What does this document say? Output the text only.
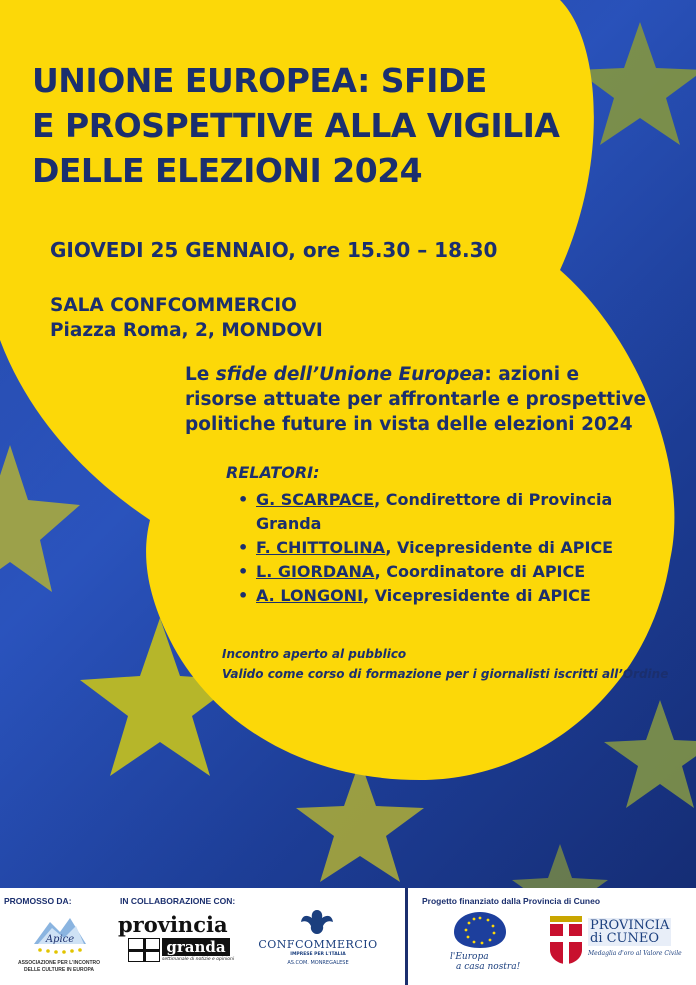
UNIONE EUROPEA: SFIDE
E PROSPETTIVE ALLA VIGILIA
DELLE ELEZIONI 2024
GIOVEDI 25 GENNAIO, ore 15.30 – 18.30
SALA CONFCOMMERCIO
Piazza Roma, 2, MONDOVI
Le sfide dell’Unione Europea: azioni e risorse attuate per affrontarle e prospettive politiche future in vista delle elezioni 2024
RELATORI:
• G. SCARPACE, Condirettore di Provincia Granda
• F. CHITTOLINA, Vicepresidente di APICE
• L. GIORDANA, Coordinatore di APICE
• A. LONGONI, Vicepresidente di APICE
Incontro aperto al pubblico
Valido come corso di formazione per i giornalisti iscritti all’Ordine
PROMOSSO DA:	IN COLLABORAZIONE CON:	Progetto finanziato dalla Provincia di Cuneo
Apice
ASSOCIAZIONE PER L'INCONTRO
DELLE CULTURE IN EUROPA
provincia
granda
settimanale di notizie e opinioni
CONFCOMMERCIO
IMPRESE PER L'ITALIA
AS.COM. MONREGALESE
l'Europa
a casa nostra!
PROVINCIA
di CUNEO
Medaglia d'oro al Valore Civile
